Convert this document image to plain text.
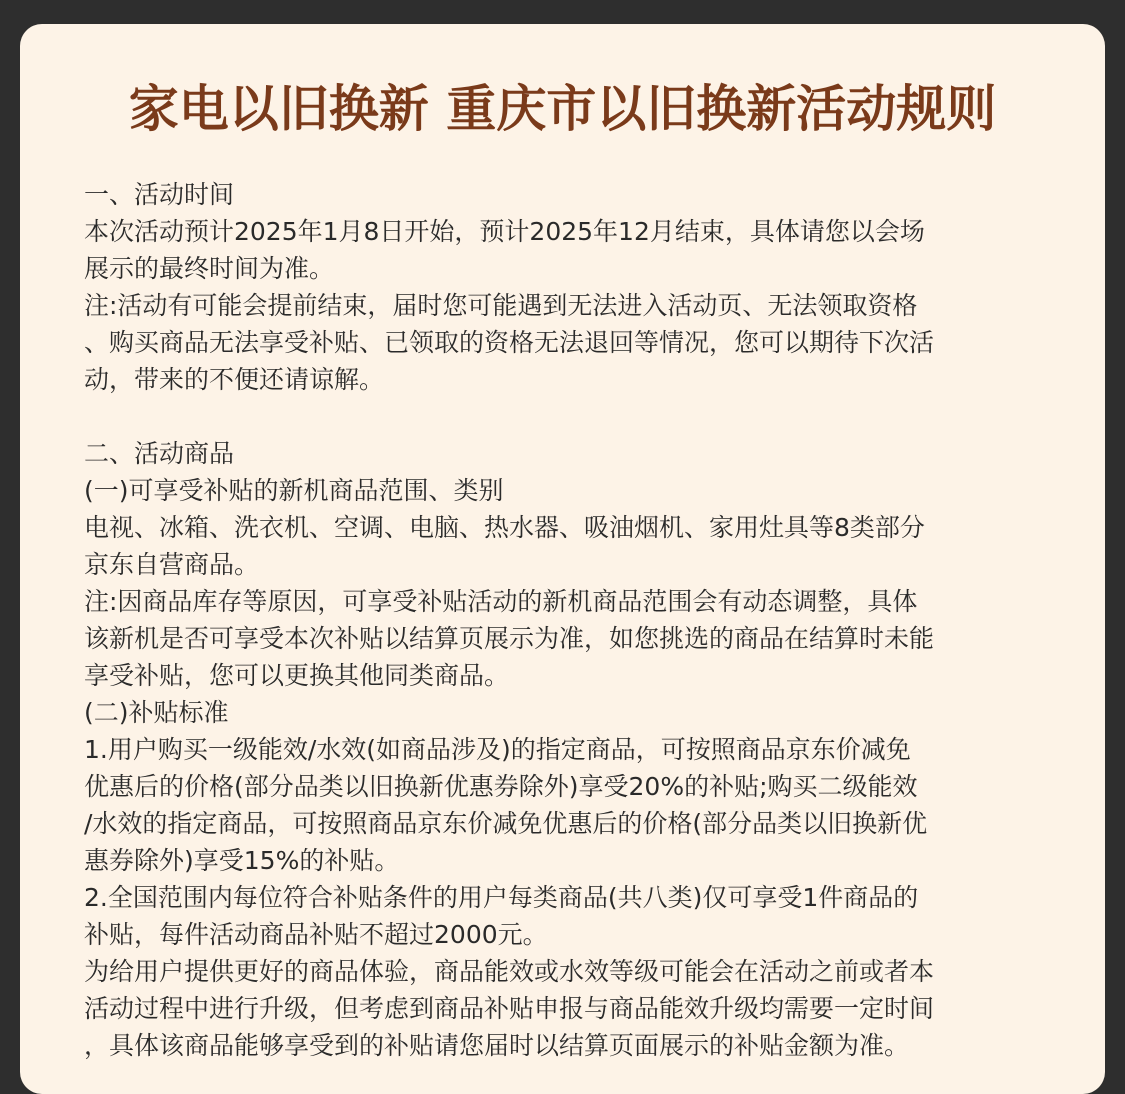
家电以旧换新 重庆市以旧换新活动规则
一、活动时间
本次活动预计2025年1月8日开始，预计2025年12月结束，具体请您以会场
展示的最终时间为准。
注:活动有可能会提前结束，届时您可能遇到无法进入活动页、无法领取资格
、购买商品无法享受补贴、已领取的资格无法退回等情况，您可以期待下次活
动，带来的不便还请谅解。
二、活动商品
(一)可享受补贴的新机商品范围、类别
电视、冰箱、洗衣机、空调、电脑、热水器、吸油烟机、家用灶具等8类部分
京东自营商品。
注:因商品库存等原因，可享受补贴活动的新机商品范围会有动态调整，具体
该新机是否可享受本次补贴以结算页展示为准，如您挑选的商品在结算时未能
享受补贴，您可以更换其他同类商品。
(二)补贴标准
1.用户购买一级能效/水效(如商品涉及)的指定商品，可按照商品京东价减免
优惠后的价格(部分品类以旧换新优惠券除外)享受20%的补贴;购买二级能效
/水效的指定商品，可按照商品京东价减免优惠后的价格(部分品类以旧换新优
惠券除外)享受15%的补贴。
2.全国范围内每位符合补贴条件的用户每类商品(共八类)仅可享受1件商品的
补贴，每件活动商品补贴不超过2000元。
为给用户提供更好的商品体验，商品能效或水效等级可能会在活动之前或者本
活动过程中进行升级，但考虑到商品补贴申报与商品能效升级均需要一定时间
，具体该商品能够享受到的补贴请您届时以结算页面展示的补贴金额为准。
